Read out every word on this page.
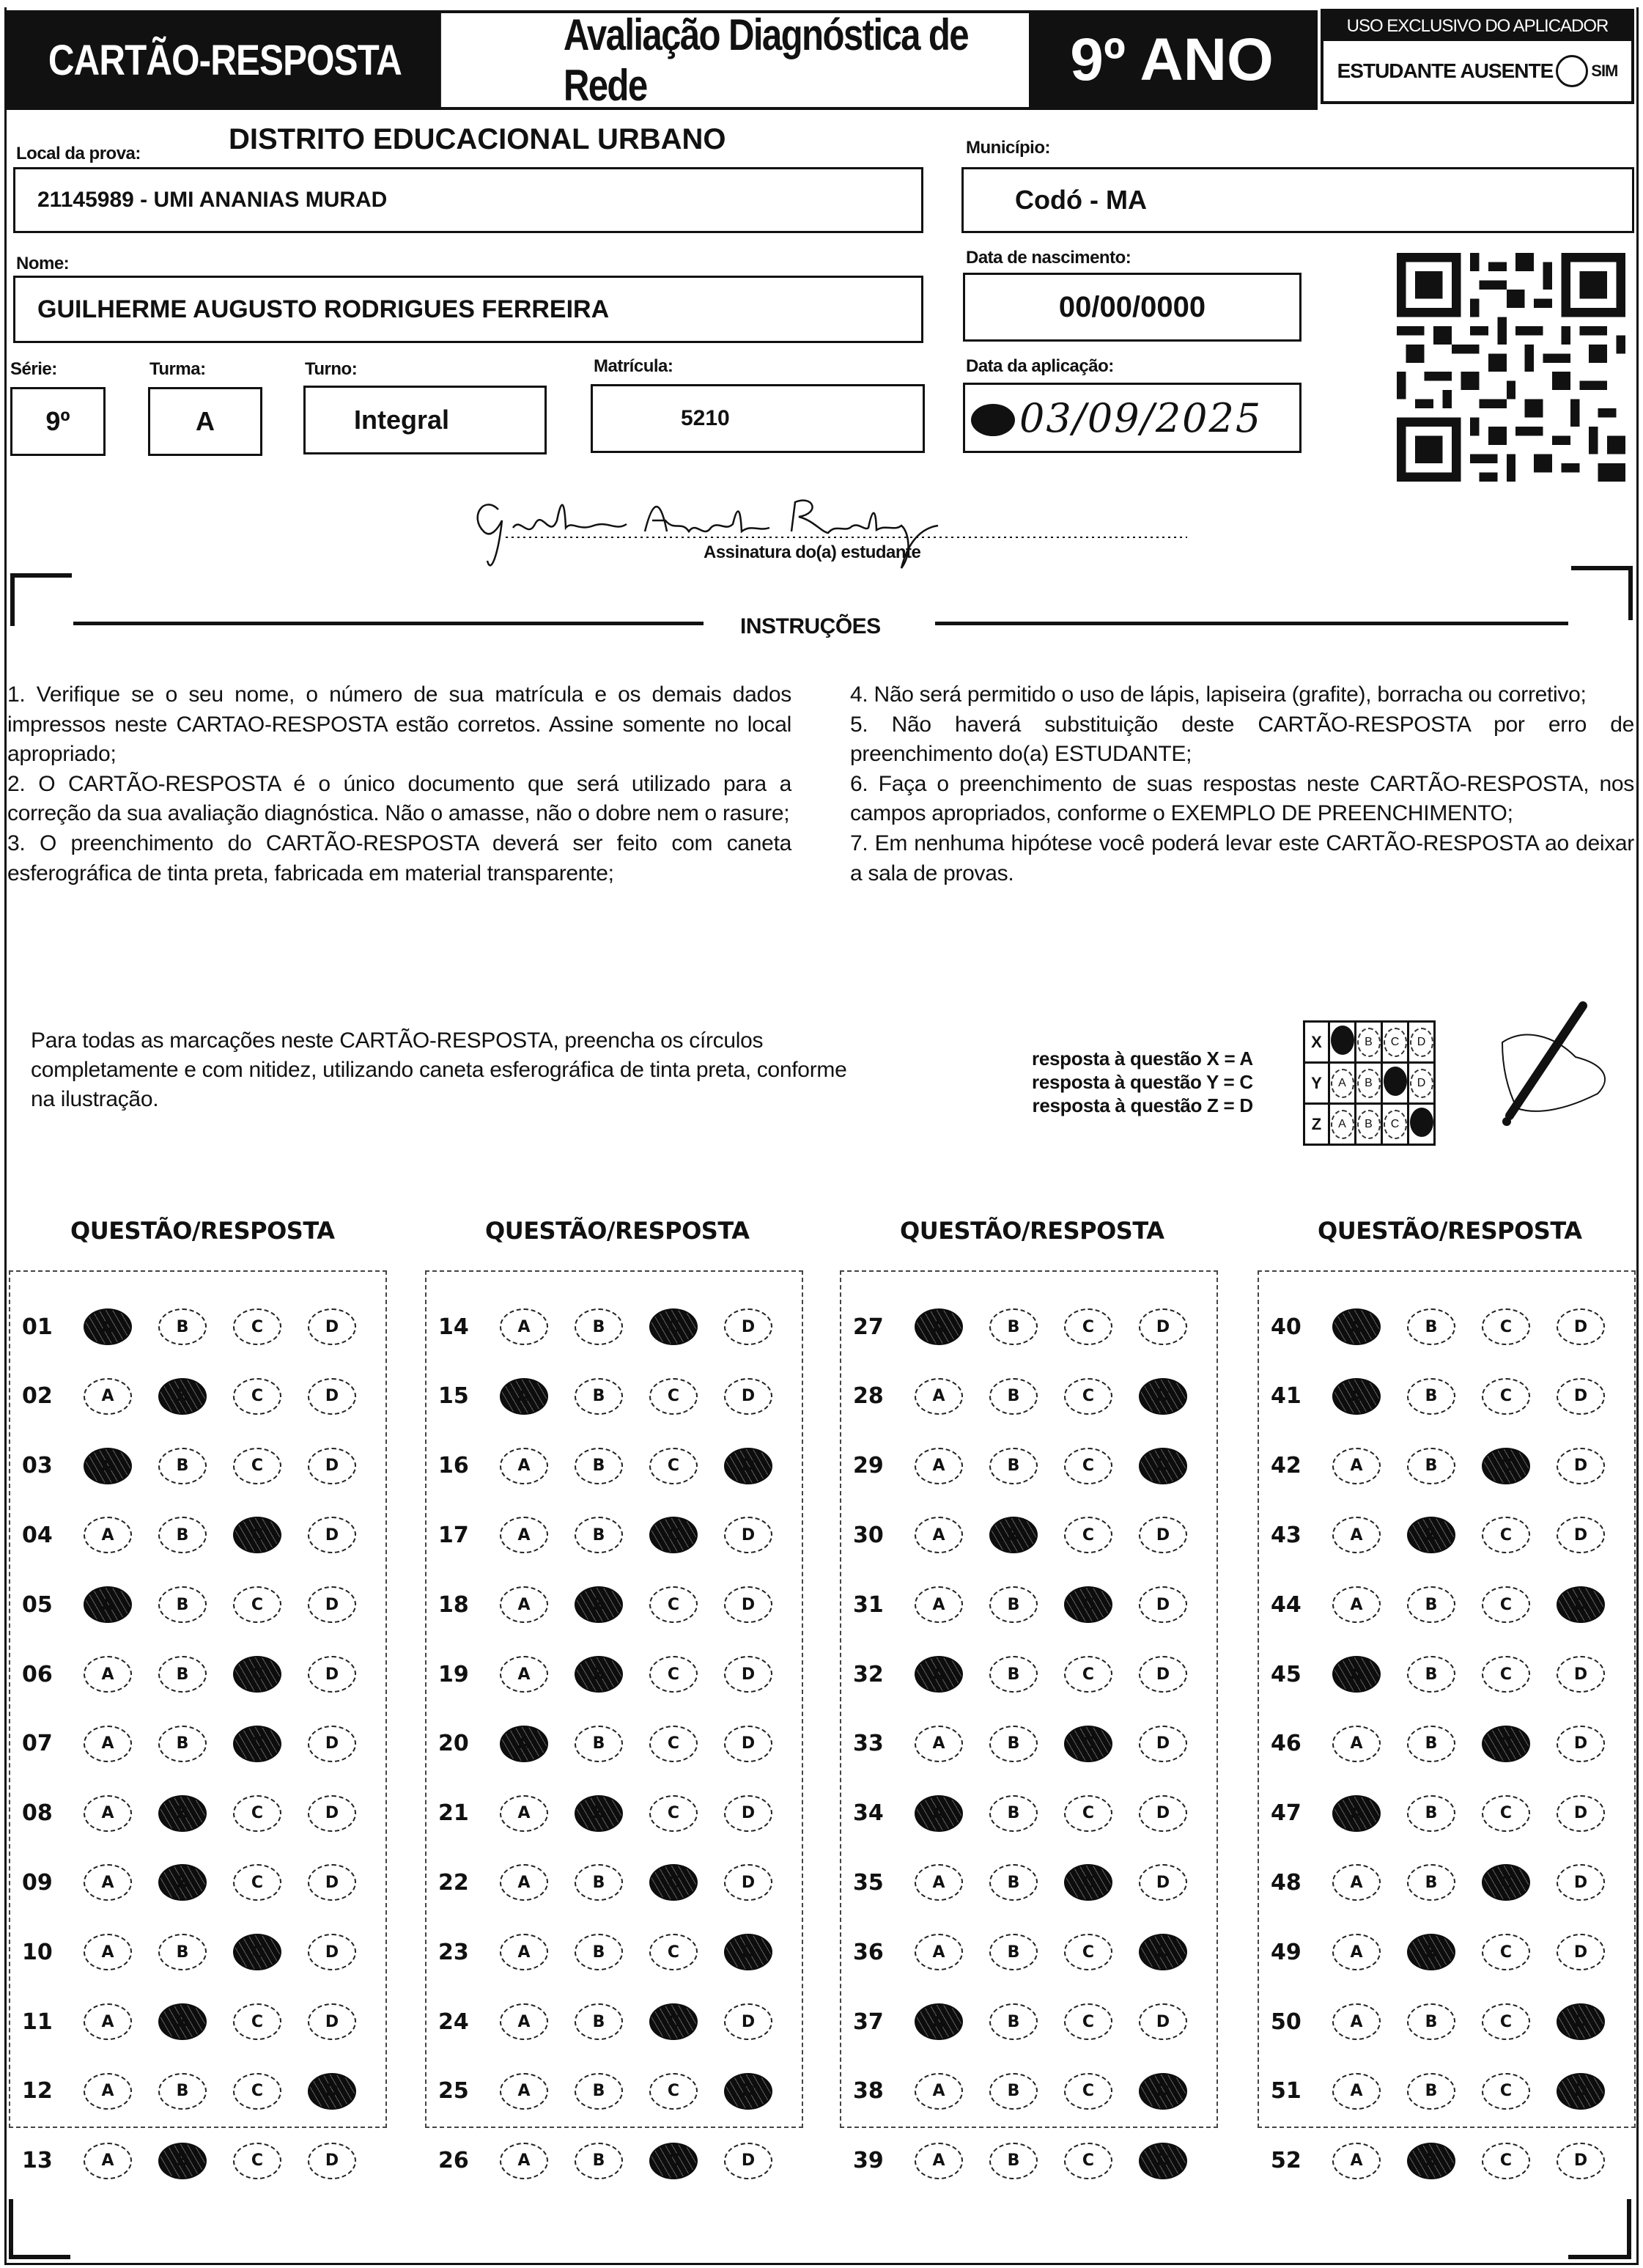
CARTÃO-RESPOSTA
Avaliação Diagnóstica de Rede	9º ANO
USO EXCLUSIVO DO APLICADOR
ESTUDANTE AUSENTE SIM
Local da prova:	DISTRITO EDUCACIONAL URBANO
21145989 - UMI ANANIAS MURAD
Município:
Codó - MA
Nome:
GUILHERME AUGUSTO RODRIGUES FERREIRA
Data de nascimento:
00/00/0000
Série:
9º
Turma:
A
Turno:
Integral
Matrícula:
5210
Data da aplicação:
03/09/2025
Assinatura do(a) estudante
INSTRUÇÕES

1. Verifique se o seu nome, o número de sua matrícula e os demais dados impressos neste CARTAO-RESPOSTA estão corretos. Assine somente no local apropriado;

2. O CARTÃO-RESPOSTA é o único documento que será utilizado para a correção da sua avaliação diagnóstica. Não o amasse, não o dobre nem o rasure;

3. O preenchimento do CARTÃO-RESPOSTA deverá ser feito com caneta esferográfica de tinta preta, fabricada em material transparente;

4. Não será permitido o uso de lápis, lapiseira (grafite), borracha ou corretivo;

5. Não haverá substituição deste CARTÃO-RESPOSTA por erro de preenchimento do(a) ESTUDANTE;

6. Faça o preenchimento de suas respostas neste CARTÃO-RESPOSTA, nos campos apropriados, conforme o EXEMPLO DE PREENCHIMENTO;

7. Em nenhuma hipótese você poderá levar este CARTÃO-RESPOSTA ao deixar a sala de provas.

Para todas as marcações neste CARTÃO-RESPOSTA, preencha os círculos completamente e com nitidez, utilizando caneta esferográfica de tinta preta, conforme na ilustração.
resposta à questão X = A
resposta à questão Y = C
resposta à questão Z = D
X		B	C	D
Y	A	B		D
Z	A	B	C	
QUESTÃO/RESPOSTA
01	A	B	C	D
02	A	B	C	D
03	A	B	C	D
04	A	B	C	D
05	A	B	C	D
06	A	B	C	D
07	A	B	C	D
08	A	B	C	D
09	A	B	C	D
10	A	B	C	D
11	A	B	C	D
12	A	B	C	D
13	A	B	C	D
QUESTÃO/RESPOSTA
14	A	B	C	D
15	A	B	C	D
16	A	B	C	D
17	A	B	C	D
18	A	B	C	D
19	A	B	C	D
20	A	B	C	D
21	A	B	C	D
22	A	B	C	D
23	A	B	C	D
24	A	B	C	D
25	A	B	C	D
26	A	B	C	D
QUESTÃO/RESPOSTA
27	A	B	C	D
28	A	B	C	D
29	A	B	C	D
30	A	B	C	D
31	A	B	C	D
32	A	B	C	D
33	A	B	C	D
34	A	B	C	D
35	A	B	C	D
36	A	B	C	D
37	A	B	C	D
38	A	B	C	D
39	A	B	C	D
QUESTÃO/RESPOSTA
40	A	B	C	D
41	A	B	C	D
42	A	B	C	D
43	A	B	C	D
44	A	B	C	D
45	A	B	C	D
46	A	B	C	D
47	A	B	C	D
48	A	B	C	D
49	A	B	C	D
50	A	B	C	D
51	A	B	C	D
52	A	B	C	D
